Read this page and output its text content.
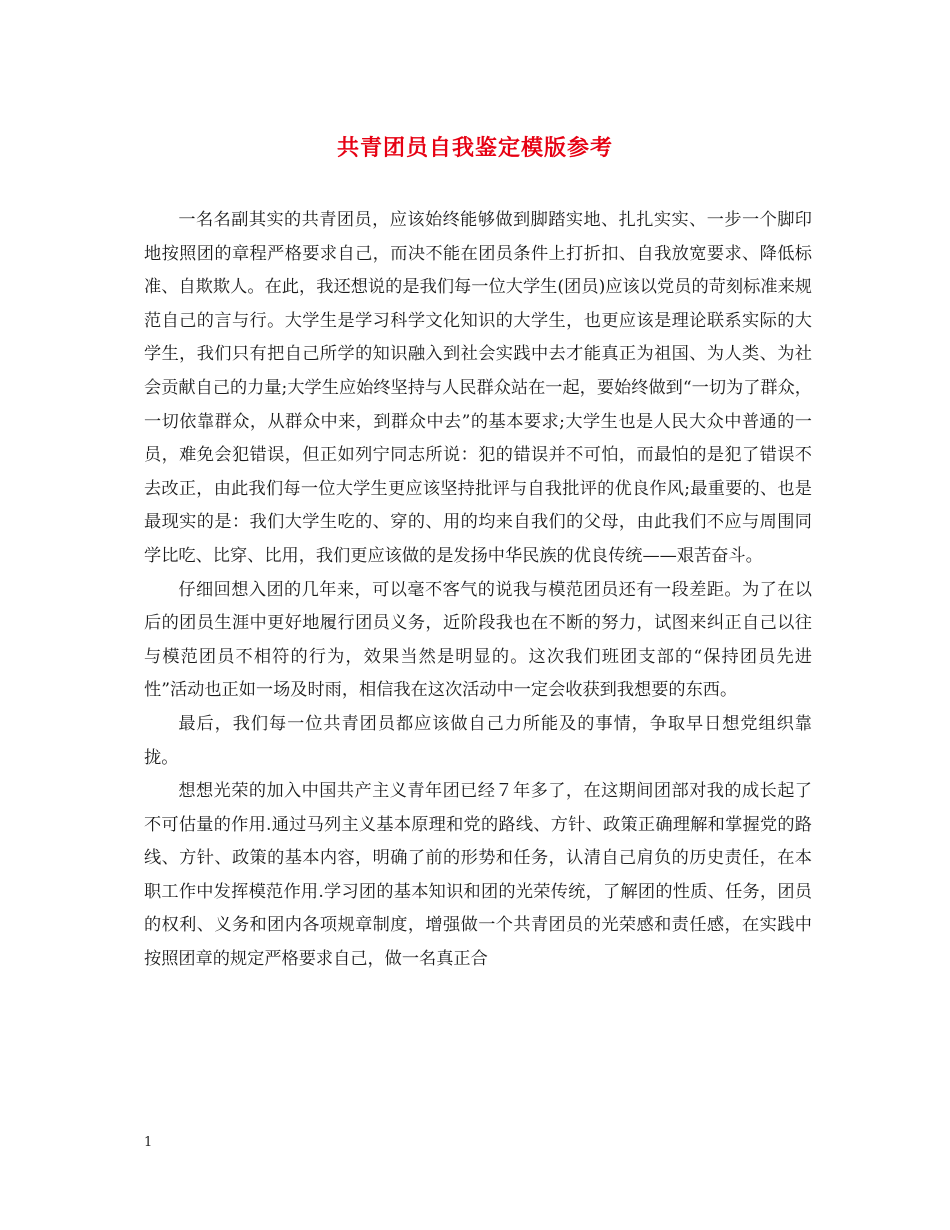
共青团员自我鉴定模版参考

一名名副其实的共青团员，应该始终能够做到脚踏实地、扎扎实实、一步一个脚印地按照团的章程严格要求自己，而决不能在团员条件上打折扣、自我放宽要求、降低标准、自欺欺人。在此，我还想说的是我们每一位大学生(团员)应该以党员的苛刻标准来规范自己的言与行。大学生是学习科学文化知识的大学生，也更应该是理论联系实际的大学生，我们只有把自己所学的知识融入到社会实践中去才能真正为祖国、为人类、为社会贡献自己的力量;大学生应始终坚持与人民群众站在一起，要始终做到“一切为了群众，一切依靠群众，从群众中来，到群众中去”的基本要求;大学生也是人民大众中普通的一员，难免会犯错误，但正如列宁同志所说：犯的错误并不可怕，而最怕的是犯了错误不去改正，由此我们每一位大学生更应该坚持批评与自我批评的优良作风;最重要的、也是最现实的是：我们大学生吃的、穿的、用的均来自我们的父母，由此我们不应与周围同学比吃、比穿、比用，我们更应该做的是发扬中华民族的优良传统——艰苦奋斗。

仔细回想入团的几年来，可以毫不客气的说我与模范团员还有一段差距。为了在以后的团员生涯中更好地履行团员义务，近阶段我也在不断的努力，试图来纠正自己以往与模范团员不相符的行为，效果当然是明显的。这次我们班团支部的“保持团员先进性”活动也正如一场及时雨，相信我在这次活动中一定会收获到我想要的东西。

最后，我们每一位共青团员都应该做自己力所能及的事情，争取早日想党组织靠拢。

想想光荣的加入中国共产主义青年团已经７年多了，在这期间团部对我的成长起了不可估量的作用.通过马列主义基本原理和党的路线、方针、政策正确理解和掌握党的路线、方针、政策的基本内容，明确了前的形势和任务，认清自己肩负的历史责任，在本职工作中发挥模范作用.学习团的基本知识和团的光荣传统，了解团的性质、任务，团员的权利、义务和团内各项规章制度，增强做一个共青团员的光荣感和责任感，在实践中按照团章的规定严格要求自己，做一名真正合

1
